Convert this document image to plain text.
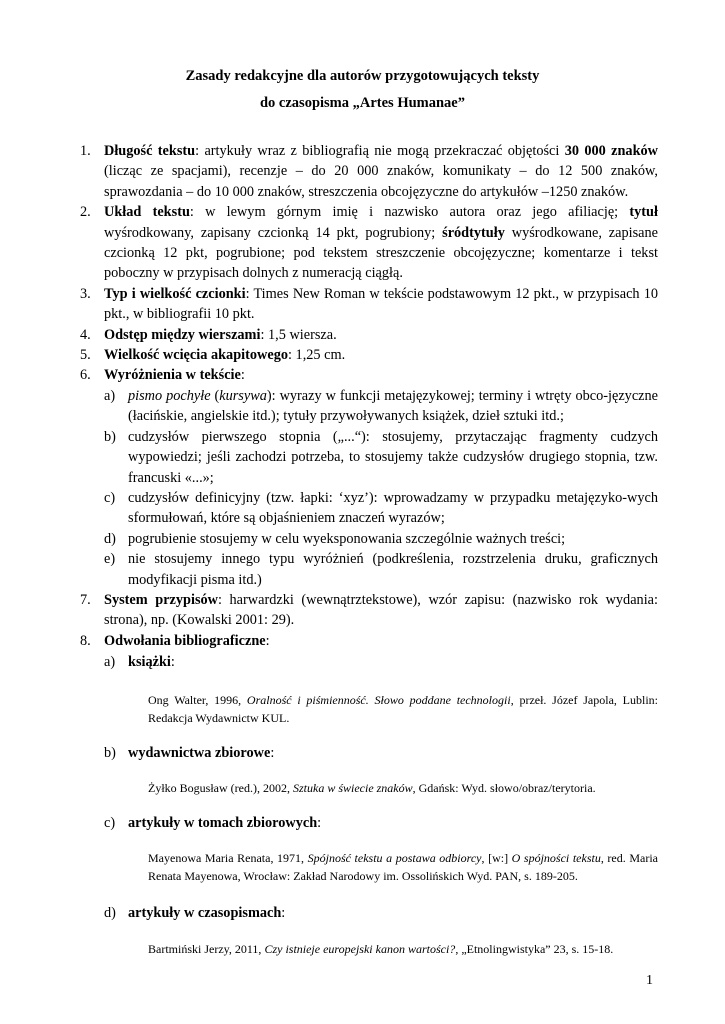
Zasady redakcyjne dla autorów przygotowujących teksty
do czasopisma „Artes Humanae”
1. Długość tekstu: artykuły wraz z bibliografią nie mogą przekraczać objętości 30 000 znaków (licząc ze spacjami), recenzje – do 20 000 znaków, komunikaty – do 12 500 znaków, sprawozdania – do 10 000 znaków, streszczenia obcojęzyczne do artykułów –1250 znaków.
2. Układ tekstu: w lewym górnym imię i nazwisko autora oraz jego afiliację; tytuł wyśrodkowany, zapisany czcionką 14 pkt, pogrubiony; śródtytuły wyśrodkowane, zapisane czcionką 12 pkt, pogrubione; pod tekstem streszczenie obcojęzyczne; komentarze i tekst poboczny w przypisach dolnych z numeracją ciągłą.
3. Typ i wielkość czcionki: Times New Roman w tekście podstawowym 12 pkt., w przypisach 10 pkt., w bibliografii 10 pkt.
4. Odstęp między wierszami: 1,5 wiersza.
5. Wielkość wcięcia akapitowego: 1,25 cm.
6. Wyróżnienia w tekście:
a) pismo pochyłe (kursywa): wyrazy w funkcji metajęzykowej; terminy i wtręty obco-języczne (łacińskie, angielskie itd.); tytuły przywoływanych książek, dzieł sztuki itd.;
b) cudzysłów pierwszego stopnia („...“): stosujemy, przytaczając fragmenty cudzych wypowiedzi; jeśli zachodzi potrzeba, to stosujemy także cudzysłów drugiego stopnia, tzw. francuski «...»;
c) cudzysłów definicyjny (tzw. łapki: ‘xyz’): wprowadzamy w przypadku metajęzyko-wych sformułowań, które są objaśnieniem znaczeń wyrazów;
d) pogrubienie stosujemy w celu wyeksponowania szczególnie ważnych treści;
e) nie stosujemy innego typu wyróżnień (podkreślenia, rozstrzelenia druku, graficznych modyfikacji pisma itd.)
7. System przypisów: harwardzki (wewnątrztekstowe), wzór zapisu: (nazwisko rok wydania: strona), np. (Kowalski 2001: 29).
8. Odwołania bibliograficzne:
a) książki:
Ong Walter, 1996, Oralność i piśmienność. Słowo poddane technologii, przeł. Józef Japola, Lublin: Redakcja Wydawnictw KUL.
b) wydawnictwa zbiorowe:
Żyłko Bogusław (red.), 2002, Sztuka w świecie znaków, Gdańsk: Wyd. słowo/obraz/terytoria.
c) artykuły w tomach zbiorowych:
Mayenowa Maria Renata, 1971, Spójność tekstu a postawa odbiorcy, [w:] O spójności tekstu, red. Maria Renata Mayenowa, Wrocław: Zakład Narodowy im. Ossolińskich Wyd. PAN, s. 189-205.
d) artykuły w czasopismach:
Bartmiński Jerzy, 2011, Czy istnieje europejski kanon wartości?, „Etnolingwistyka” 23, s. 15-18.
1
